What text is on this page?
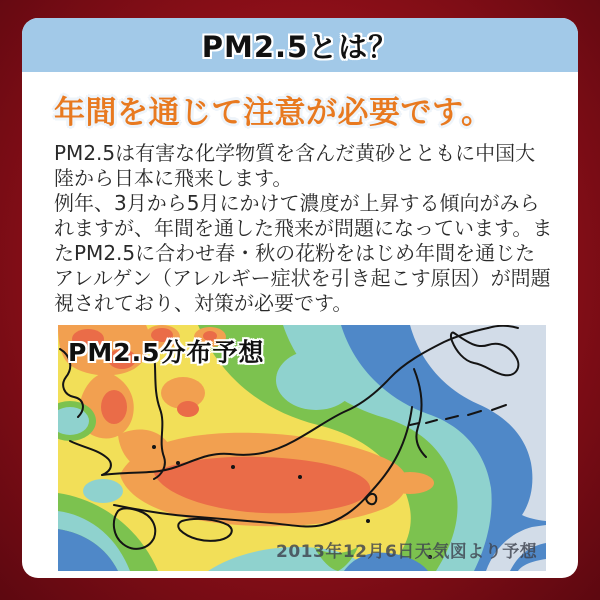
PM2.5とは？
年間を通じて注意が必要です。

PM2.5は有害な化学物質を含んだ黄砂とともに中国大陸から日本に飛来します。

例年、3月から5月にかけて濃度が上昇する傾向がみられますが、年間を通した飛来が問題になっています。またPM2.5に合わせ春・秋の花粉をはじめ年間を通じたアレルゲン（アレルギー症状を引き起こす原因）が問題視されており、対策が必要です。

PM2.5分布予想
2013年12月6日天気図より予想
